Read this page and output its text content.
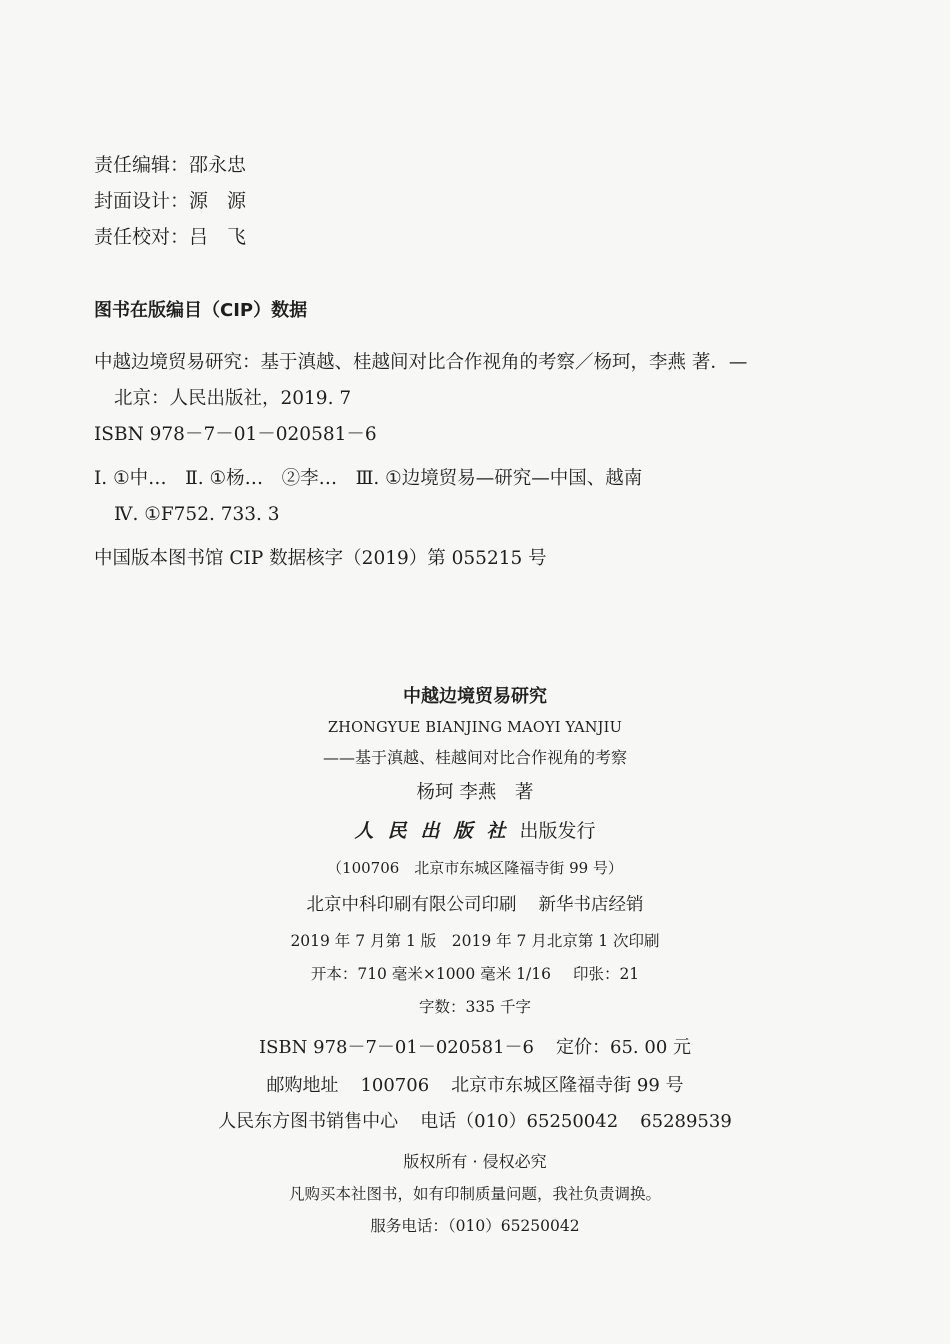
责任编辑：邵永忠
封面设计：源　源
责任校对：吕　飞
图书在版编目（CIP）数据
中越边境贸易研究：基于滇越、桂越间对比合作视角的考察／杨珂，李燕 著．—
北京：人民出版社，2019. 7
ISBN 978－7－01－020581－6
Ⅰ. ①中…　Ⅱ. ①杨…　②李…　Ⅲ. ①边境贸易—研究—中国、越南
Ⅳ. ①F752. 733. 3
中国版本图书馆 CIP 数据核字（2019）第 055215 号
中越边境贸易研究
ZHONGYUE BIANJING MAOYI YANJIU
——基于滇越、桂越间对比合作视角的考察
杨珂 李燕　著
人民出版社出版发行
（100706　北京市东城区隆福寺街 99 号）
北京中科印刷有限公司印刷 新华书店经销
2019 年 7 月第 1 版　2019 年 7 月北京第 1 次印刷
开本：710 毫米×1000 毫米 1/16 印张：21
字数：335 千字
ISBN 978－7－01－020581－6 定价：65. 00 元
邮购地址 100706 北京市东城区隆福寺街 99 号
人民东方图书销售中心 电话（010）65250042 65289539
版权所有 · 侵权必究
凡购买本社图书，如有印制质量问题，我社负责调换。
服务电话：（010）65250042
